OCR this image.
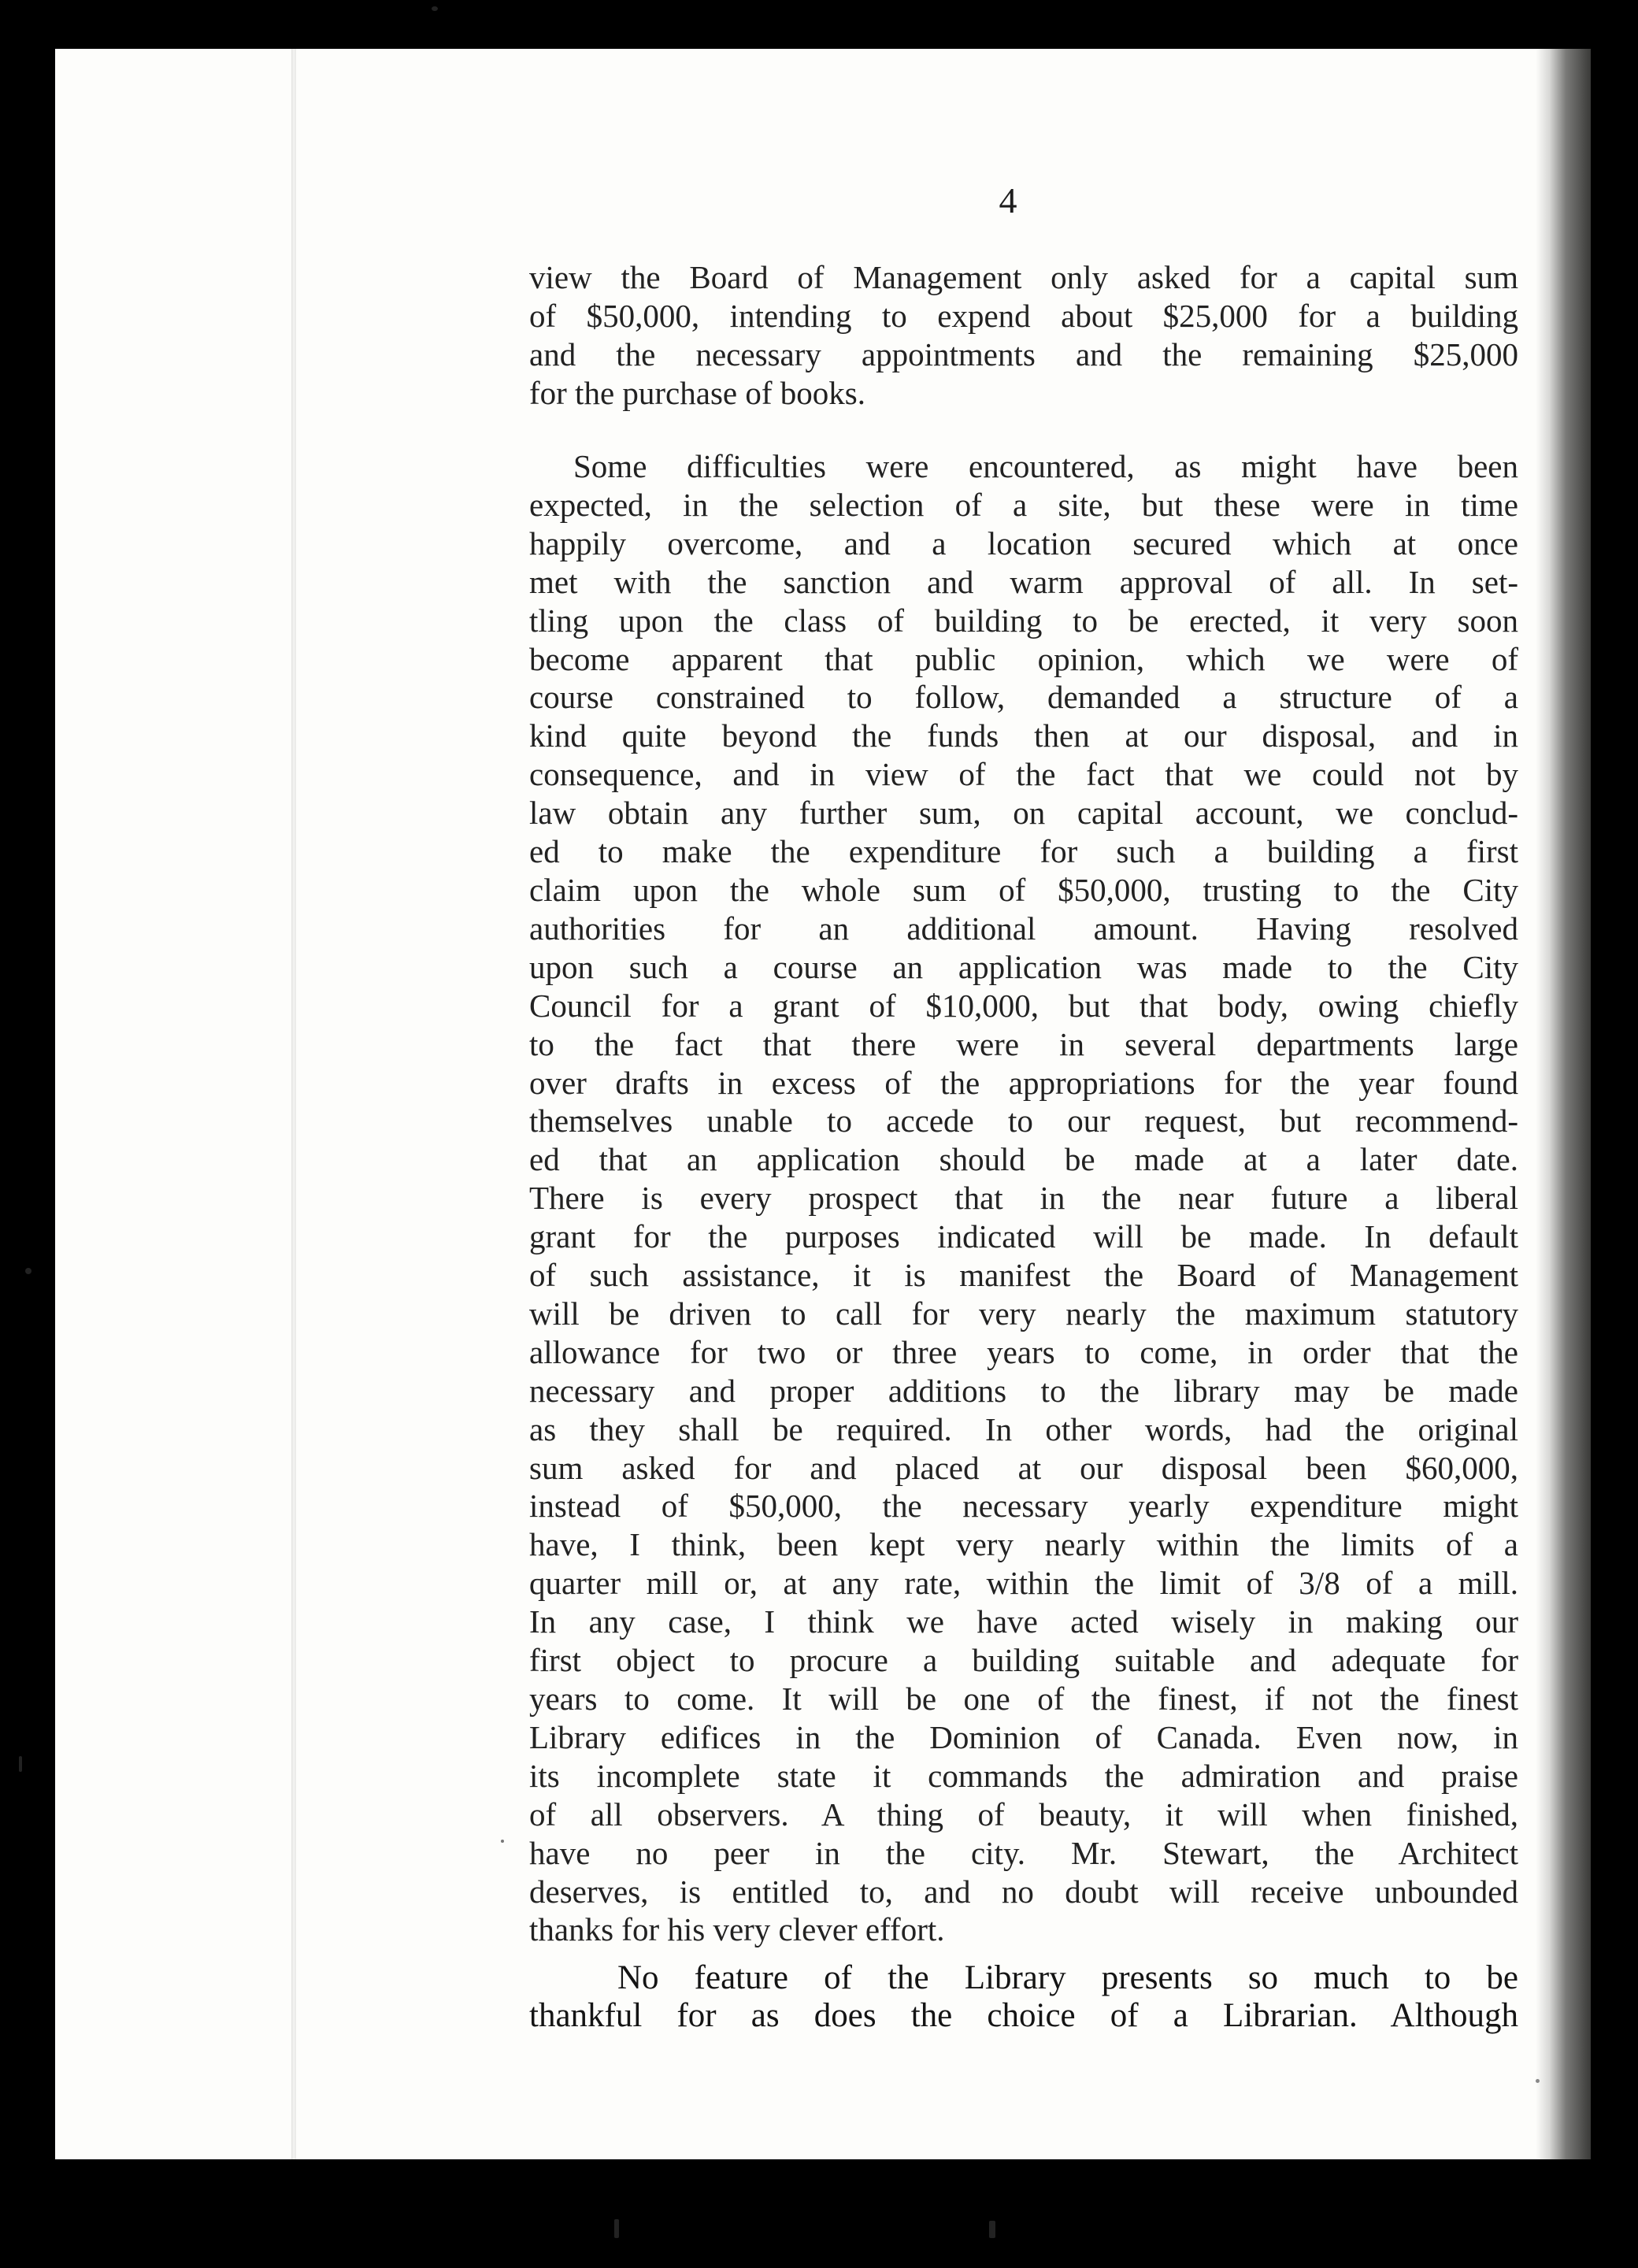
4

view the Board of Management only asked for a capital sum
of $50,000, intending to expend about $25,000 for a building
and the necessary appointments and the remaining $25,000
for the purchase of books.

Some difficulties were encountered, as might have been
expected, in the selection of a site, but these were in time
happily overcome, and a location secured which at once
met with the sanction and warm approval of all. In set-
tling upon the class of building to be erected, it very soon
become apparent that public opinion, which we were of
course constrained to follow, demanded a structure of a
kind quite beyond the funds then at our disposal, and in
consequence, and in view of the fact that we could not by
law obtain any further sum, on capital account, we conclud-
ed to make the expenditure for such a building a first
claim upon the whole sum of $50,000, trusting to the City
authorities for an additional amount. Having resolved
upon such a course an application was made to the City
Council for a grant of $10,000, but that body, owing chiefly
to the fact that there were in several departments large
over drafts in excess of the appropriations for the year found
themselves unable to accede to our request, but recommend-
ed that an application should be made at a later date.
There is every prospect that in the near future a liberal
grant for the purposes indicated will be made. In default
of such assistance, it is manifest the Board of Management
will be driven to call for very nearly the maximum statutory
allowance for two or three years to come, in order that the
necessary and proper additions to the library may be made
as they shall be required. In other words, had the original
sum asked for and placed at our disposal been $60,000,
instead of $50,000, the necessary yearly expenditure might
have, I think, been kept very nearly within the limits of a
quarter mill or, at any rate, within the limit of 3/8 of a mill.
In any case, I think we have acted wisely in making our
first object to procure a building suitable and adequate for
years to come. It will be one of the finest, if not the finest
Library edifices in the Dominion of Canada. Even now, in
its incomplete state it commands the admiration and praise
of all observers. A thing of beauty, it will when finished,
have no peer in the city. Mr. Stewart, the Architect
deserves, is entitled to, and no doubt will receive unbounded
thanks for his very clever effort.

No feature of the Library presents so much to be
thankful for as does the choice of a Librarian. Although
